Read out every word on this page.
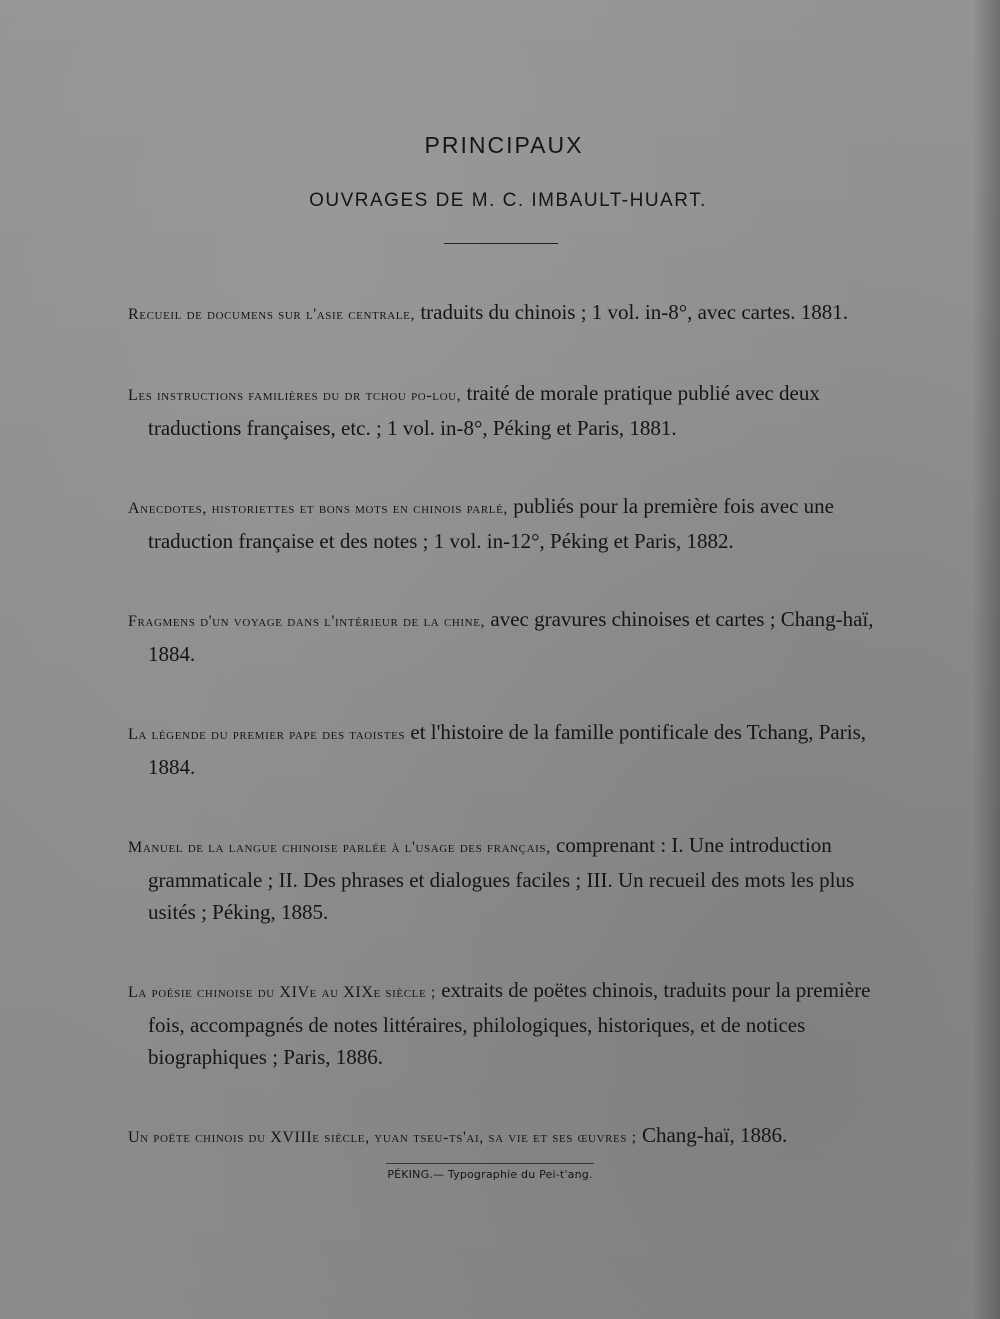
PRINCIPAUX
OUVRAGES DE M. C. IMBAULT-HUART.

Recueil de documens sur l'asie centrale, traduits du chinois ; 1 vol. in-8°, avec cartes. 1881.

Les instructions familières du dr tchou po-lou, traité de morale pratique publié avec deux traductions françaises, etc. ; 1 vol. in-8°, Péking et Paris, 1881.

Anecdotes, historiettes et bons mots en chinois parlé, publiés pour la première fois avec une traduction française et des notes ; 1 vol. in-12°, Péking et Paris, 1882.

Fragmens d'un voyage dans l'intérieur de la chine, avec gravures chinoises et cartes ; Chang-haï, 1884.

La légende du premier pape des taoistes et l'histoire de la famille pontificale des Tchang, Paris, 1884.

Manuel de la langue chinoise parlée à l'usage des français, comprenant : I. Une introduction grammaticale ; II. Des phrases et dialogues faciles ; III. Un recueil des mots les plus usités ; Péking, 1885.

La poésie chinoise du XIVe au XIXe siècle ; extraits de poëtes chinois, traduits pour la première fois, accompagnés de notes littéraires, philologiques, historiques, et de notices biographiques ; Paris, 1886.

Un poëte chinois du XVIIIe siècle, yuan tseu-ts'ai, sa vie et ses œuvres ; Chang-haï, 1886.

PÉKING.— Typographie du Pei-t'ang.
